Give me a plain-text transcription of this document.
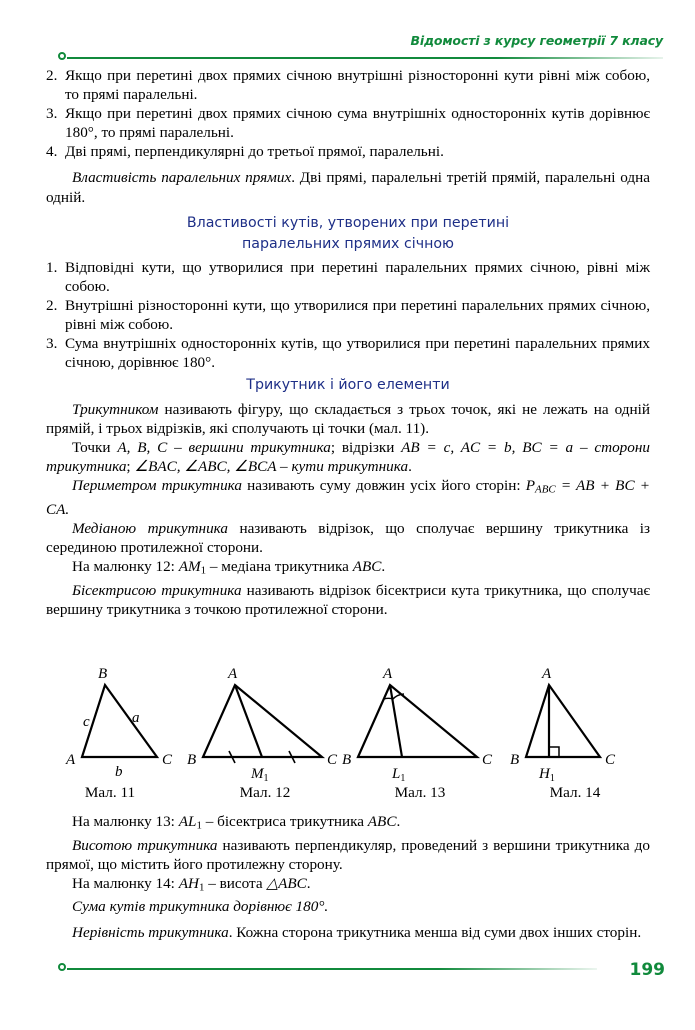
Відомості з курсу геометрії 7 класу

2. Якщо при перетині двох прямих січною внутрішні різносторонні кути рівні між собою, то прямі паралельні.

3. Якщо при перетині двох прямих січною сума внутрішніх односторонніх кутів дорівнює 180°, то прямі паралельні.

4. Дві прямі, перпендикулярні до третьої прямої, паралельні.

Властивість паралельних прямих. Дві прямі, паралельні третій прямій, паралельні одна одній.

Властивості кутів, утворених при перетині
паралельних прямих січною

1. Відповідні кути, що утворилися при перетині паралельних прямих січною, рівні між собою.

2. Внутрішні різносторонні кути, що утворилися при перетині паралельних прямих січною, рівні між собою.

3. Сума внутрішніх односторонніх кутів, що утворилися при перетині паралельних прямих січною, дорівнює 180°.

Трикутник і його елементи

Трикутником називають фігуру, що складається з трьох точок, які не лежать на одній прямій, і трьох відрізків, які сполучають ці точки (мал. 11).

Точки A, B, C – вершини трикутника; відрізки AB = c, AC = b, BC = a – сторони трикутника; ∠BAC, ∠ABC, ∠BCA – кути трикутника.

Периметром трикутника називають суму довжин усіх його сторін: $P_{ABC}$ = AB + BC + CA.

Медіаною трикутника називають відрізок, що сполучає вершину трикутника із серединою протилежної сторони.

На малюнку 12: $AM_1$ – медіана трикутника ABC.

Бісектрисою трикутника називають відрізок бісектриси кута трикутника, що сполучає вершину трикутника з точкою протилежної сторони.

B
A	C
c	a
b
A
B	C
$M_1$
A
B	C
$L_1$
A
B	C
$H_1$
Мал. 11	Мал. 12	Мал. 13	Мал. 14

На малюнку 13: $AL_1$ – бісектриса трикутника ABC.

Висотою трикутника називають перпендикуляр, проведений з вершини трикутника до прямої, що містить його протилежну сторону.

На малюнку 14: $AH_1$ – висота △ABC.

Сума кутів трикутника дорівнює 180°.

Нерівність трикутника. Кожна сторона трикутника менша від суми двох інших сторін.

199
